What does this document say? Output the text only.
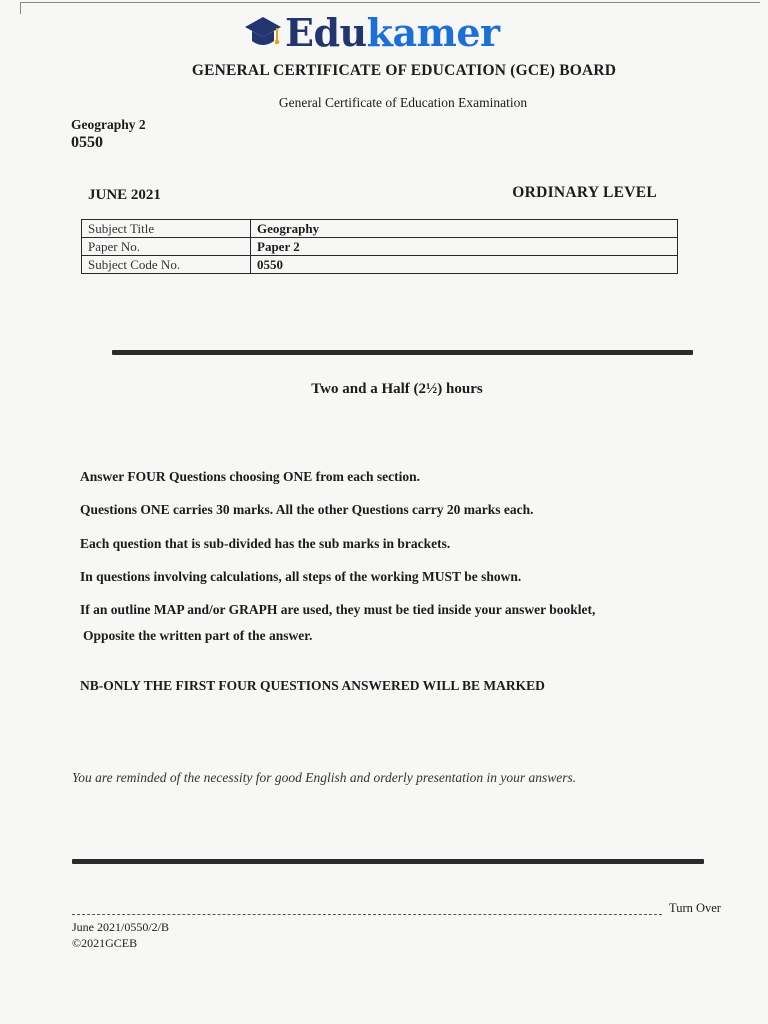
Edukamer
GENERAL CERTIFICATE OF EDUCATION (GCE) BOARD
General Certificate of Education Examination
Geography 2
0550
JUNE 2021	ORDINARY LEVEL
Subject Title	Geography
Paper No.	Paper 2
Subject Code No.	0550
Two and a Half (2½) hours
Answer FOUR Questions choosing ONE from each section.
Questions ONE carries 30 marks. All the other Questions carry 20 marks each.
Each question that is sub-divided has the sub marks in brackets.
In questions involving calculations, all steps of the working MUST be shown.
If an outline MAP and/or GRAPH are used, they must be tied inside your answer booklet,
Opposite the written part of the answer.
NB-ONLY THE FIRST FOUR QUESTIONS ANSWERED WILL BE MARKED
You are reminded of the necessity for good English and orderly presentation in your answers.
Turn Over
June 2021/0550/2/B
©2021GCEB
